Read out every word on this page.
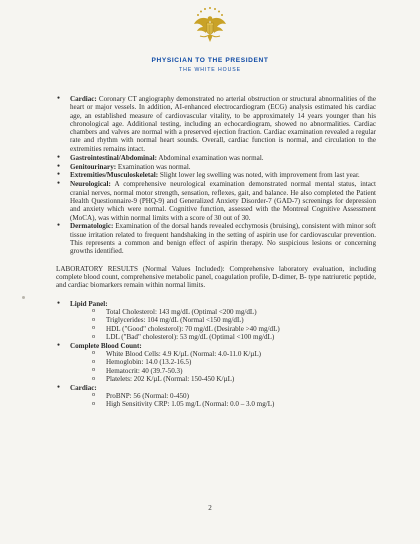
PHYSICIAN TO THE PRESIDENT
THE WHITE HOUSE
● Cardiac: Coronary CT angiography demonstrated no arterial obstruction or structural abnormalities of the heart or major vessels. In addition, AI-enhanced electrocardiogram (ECG) analysis estimated his cardiac age, an established measure of cardiovascular vitality, to be approximately 14 years younger than his chronological age. Additional testing, including an echocardiogram, showed no abnormalities. Cardiac chambers and valves are normal with a preserved ejection fraction. Cardiac examination revealed a regular rate and rhythm with normal heart sounds. Overall, cardiac function is normal, and circulation to the extremities remains intact.
● Gastrointestinal/Abdominal: Abdominal examination was normal.
● Genitourinary: Examination was normal.
● Extremities/Musculoskeletal: Slight lower leg swelling was noted, with improvement from last year.
● Neurological: A comprehensive neurological examination demonstrated normal mental status, intact cranial nerves, normal motor strength, sensation, reflexes, gait, and balance. He also completed the Patient Health Questionnaire-9 (PHQ-9) and Generalized Anxiety Disorder-7 (GAD-7) screenings for depression and anxiety which were normal. Cognitive function, assessed with the Montreal Cognitive Assessment (MoCA), was within normal limits with a score of 30 out of 30.
● Dermatologic: Examination of the dorsal hands revealed ecchymosis (bruising), consistent with minor soft tissue irritation related to frequent handshaking in the setting of aspirin use for cardiovascular prevention. This represents a common and benign effect of aspirin therapy. No suspicious lesions or concerning growths identified.
LABORATORY RESULTS (Normal Values Included): Comprehensive laboratory evaluation, including complete blood count, comprehensive metabolic panel, coagulation profile, D-dimer, B- type natriuretic peptide, and cardiac biomarkers remain within normal limits.
● Lipid Panel:
o Total Cholesterol: 143 mg/dL (Optimal <200 mg/dL)
o Triglycerides: 104 mg/dL (Normal <150 mg/dL)
o HDL ("Good" cholesterol): 70 mg/dL (Desirable >40 mg/dL)
o LDL ("Bad" cholesterol): 53 mg/dL (Optimal <100 mg/dL)
● Complete Blood Count:
o White Blood Cells: 4.9 K/µL (Normal: 4.0-11.0 K/µL)
o Hemoglobin: 14.0 (13.2-16.5)
o Hematocrit: 40 (39.7-50.3)
o Platelets: 202 K/µL (Normal: 150-450 K/µL)
● Cardiac:
o ProBNP: 56 (Normal: 0-450)
o High Sensitivity CRP: 1.05 mg/L (Normal: 0.0 – 3.0 mg/L)
2
